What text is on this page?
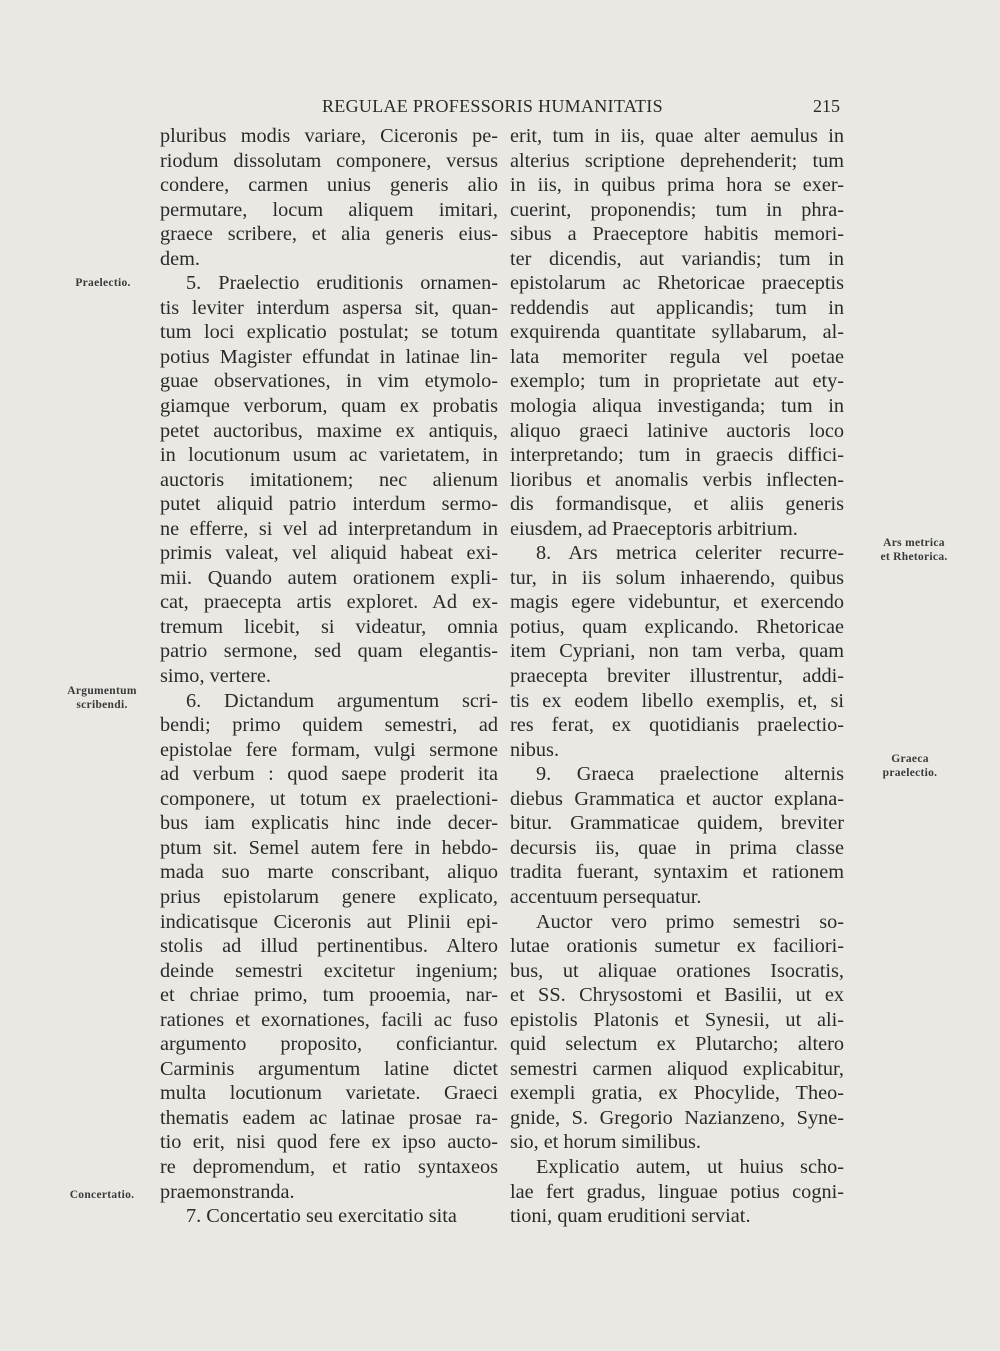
REGULAE PROFESSORIS HUMANITATIS	215
Praelectio.
Argumentum
scribendi.
Concertatio.
Ars metrica
et Rhetorica.
Graeca
praelectio.
pluribus modis variare, Ciceronis pe-
riodum dissolutam componere, versus
condere, carmen unius generis alio
permutare, locum aliquem imitari,
graece scribere, et alia generis eius-
dem.
5. Praelectio eruditionis ornamen-
tis leviter interdum aspersa sit, quan-
tum loci explicatio postulat; se totum
potius Magister effundat in latinae lin-
guae observationes, in vim etymolo-
giamque verborum, quam ex probatis
petet auctoribus, maxime ex antiquis,
in locutionum usum ac varietatem, in
auctoris imitationem; nec alienum
putet aliquid patrio interdum sermo-
ne efferre, si vel ad interpretandum in
primis valeat, vel aliquid habeat exi-
mii. Quando autem orationem expli-
cat, praecepta artis exploret. Ad ex-
tremum licebit, si videatur, omnia
patrio sermone, sed quam elegantis-
simo, vertere.
6. Dictandum argumentum scri-
bendi; primo quidem semestri, ad
epistolae fere formam, vulgi sermone
ad verbum : quod saepe proderit ita
componere, ut totum ex praelectioni-
bus iam explicatis hinc inde decer-
ptum sit. Semel autem fere in hebdo-
mada suo marte conscribant, aliquo
prius epistolarum genere explicato,
indicatisque Ciceronis aut Plinii epi-
stolis ad illud pertinentibus. Altero
deinde semestri excitetur ingenium;
et chriae primo, tum prooemia, nar-
rationes et exornationes, facili ac fuso
argumento proposito, conficiantur.
Carminis argumentum latine dictet
multa locutionum varietate. Graeci
thematis eadem ac latinae prosae ra-
tio erit, nisi quod fere ex ipso aucto-
re depromendum, et ratio syntaxeos
praemonstranda.
7. Concertatio seu exercitatio sita
erit, tum in iis, quae alter aemulus in
alterius scriptione deprehenderit; tum
in iis, in quibus prima hora se exer-
cuerint, proponendis; tum in phra-
sibus a Praeceptore habitis memori-
ter dicendis, aut variandis; tum in
epistolarum ac Rhetoricae praeceptis
reddendis aut applicandis; tum in
exquirenda quantitate syllabarum, al-
lata memoriter regula vel poetae
exemplo; tum in proprietate aut ety-
mologia aliqua investiganda; tum in
aliquo graeci latinive auctoris loco
interpretando; tum in graecis diffici-
lioribus et anomalis verbis inflecten-
dis formandisque, et aliis generis
eiusdem, ad Praeceptoris arbitrium.
8. Ars metrica celeriter recurre-
tur, in iis solum inhaerendo, quibus
magis egere videbuntur, et exercendo
potius, quam explicando. Rhetoricae
item Cypriani, non tam verba, quam
praecepta breviter illustrentur, addi-
tis ex eodem libello exemplis, et, si
res ferat, ex quotidianis praelectio-
nibus.
9. Graeca praelectione alternis
diebus Grammatica et auctor explana-
bitur. Grammaticae quidem, breviter
decursis iis, quae in prima classe
tradita fuerant, syntaxim et rationem
accentuum persequatur.
Auctor vero primo semestri so-
lutae orationis sumetur ex faciliori-
bus, ut aliquae orationes Isocratis,
et SS. Chrysostomi et Basilii, ut ex
epistolis Platonis et Synesii, ut ali-
quid selectum ex Plutarcho; altero
semestri carmen aliquod explicabitur,
exempli gratia, ex Phocylide, Theo-
gnide, S. Gregorio Nazianzeno, Syne-
sio, et horum similibus.
Explicatio autem, ut huius scho-
lae fert gradus, linguae potius cogni-
tioni, quam eruditioni serviat.
